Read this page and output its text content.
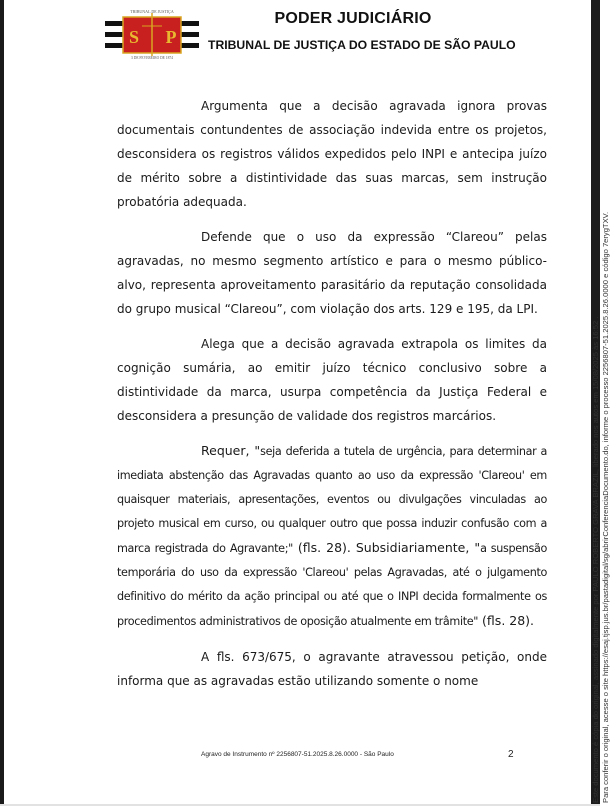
S P
TRIBUNAL DE JUSTIÇA
3 DE FEVEREIRO DE 1874
PODER JUDICIÁRIO
TRIBUNAL DE JUSTIÇA DO ESTADO DE SÃO PAULO

Argumenta que a decisão agravada ignora provas documentais contundentes de associação indevida entre os projetos, desconsidera os registros válidos expedidos pelo INPI e antecipa juízo de mérito sobre a distintividade das suas marcas, sem instrução probatória adequada.

Defende que o uso da expressão “Clareou” pelas agravadas, no mesmo segmento artístico e para o mesmo público-alvo, representa aproveitamento parasitário da reputação consolidada do grupo musical “Clareou”, com violação dos arts. 129 e 195, da LPI.

Alega que a decisão agravada extrapola os limites da cognição sumária, ao emitir juízo técnico conclusivo sobre a distintividade da marca, usurpa competência da Justiça Federal e desconsidera a presunção de validade dos registros marcários.

Requer, "seja deferida a tutela de urgência, para determinar a imediata abstenção das Agravadas quanto ao uso da expressão 'Clareou' em quaisquer materiais, apresentações, eventos ou divulgações vinculadas ao projeto musical em curso, ou qualquer outro que possa induzir confusão com a marca registrada do Agravante;" (fls. 28). Subsidiariamente, "a suspensão temporária do uso da expressão 'Clareou' pelas Agravadas, até o julgamento definitivo do mérito da ação principal ou até que o INPI decida formalmente os procedimentos administrativos de oposição atualmente em trâmite" (fls. 28).

A fls. 673/675, o agravante atravessou petição, onde informa que as agravadas estão utilizando somente o nome

Agravo de Instrumento nº 2256807-51.2025.8.26.0000 - São Paulo	2	Este documento é cópia do original, assinado digitalmente por PAULO ROBERTO GRAVA BRAZIL, liberado nos autos em 15/08/2025 às 16:52 . Para conferir o original, acesse o site https://esaj.tjsp.jus.br/pastadigital/sg/abrirConferenciaDocumento.do, informe o processo 2256807-51.2025.8.26.0000 e código 7erygTXV.
